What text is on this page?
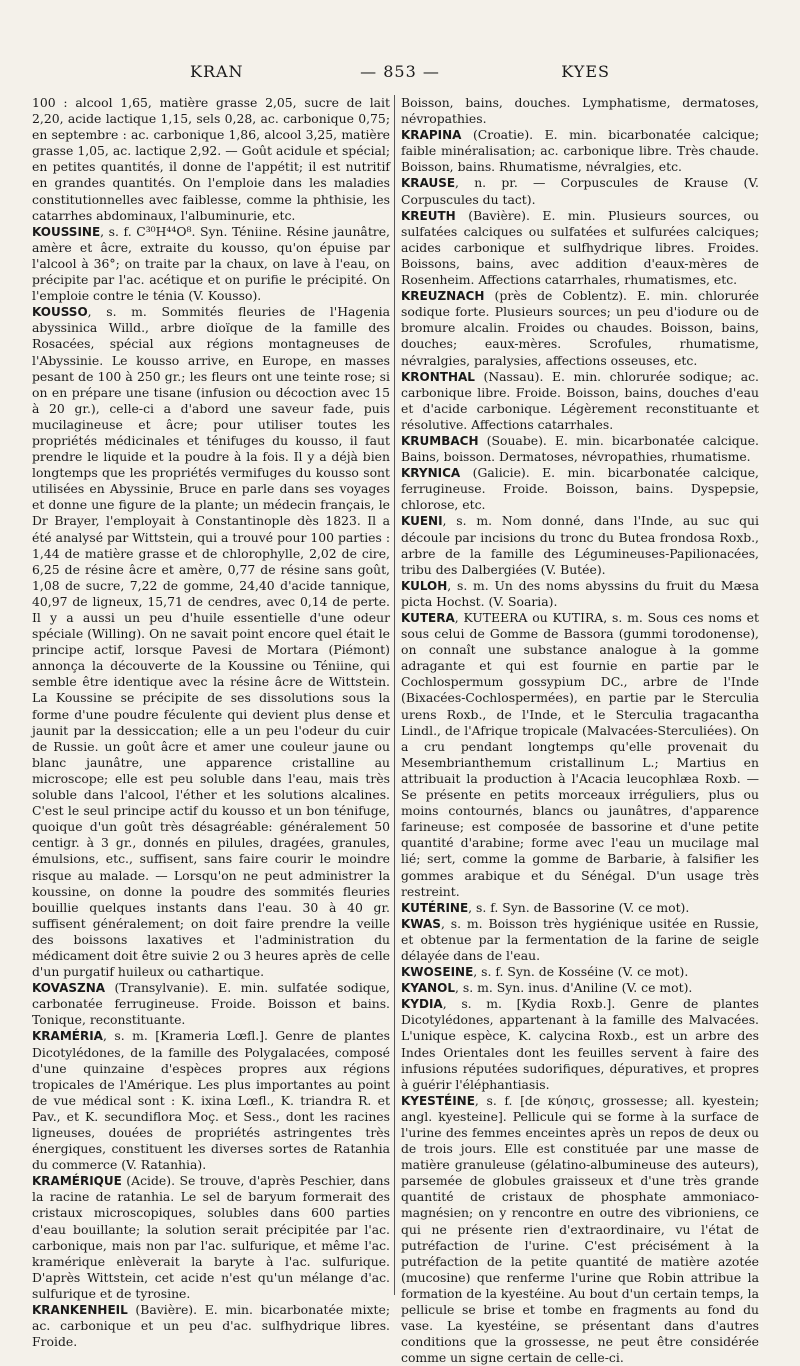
KRAN	— 853 —	KYES

100 : alcool 1,65, matière grasse 2,05, sucre de lait 2,20, acide lactique 1,15, sels 0,28, ac. carbonique 0,75; en septembre : ac. carbonique 1,86, alcool 3,25, matière grasse 1,05, ac. lactique 2,92. — Goût acidule et spécial; en petites quantités, il donne de l'appétit; il est nutritif en grandes quantités. On l'emploie dans les maladies constitutionnelles avec faiblesse, comme la phthisie, les catarrhes abdominaux, l'albuminurie, etc.

KOUSSINE, s. f. C³⁰H⁴⁴O⁸. Syn. Téniine. Résine jaunâtre, amère et âcre, extraite du kousso, qu'on épuise par l'alcool à 36°; on traite par la chaux, on lave à l'eau, on précipite par l'ac. acétique et on purifie le précipité. On l'emploie contre le ténia (V. Kousso).

KOUSSO, s. m. Sommités fleuries de l'Hagenia abyssinica Willd., arbre dioïque de la famille des Rosacées, spécial aux régions montagneuses de l'Abyssinie. Le kousso arrive, en Europe, en masses pesant de 100 à 250 gr.; les fleurs ont une teinte rose; si on en prépare une tisane (infusion ou décoction avec 15 à 20 gr.), celle-ci a d'abord une saveur fade, puis mucilagineuse et âcre; pour utiliser toutes les propriétés médicinales et ténifuges du kousso, il faut prendre le liquide et la poudre à la fois. Il y a déjà bien longtemps que les propriétés vermifuges du kousso sont utilisées en Abyssinie, Bruce en parle dans ses voyages et donne une figure de la plante; un médecin français, le Dr Brayer, l'employait à Constantinople dès 1823. Il a été analysé par Wittstein, qui a trouvé pour 100 parties : 1,44 de matière grasse et de chlorophylle, 2,02 de cire, 6,25 de résine âcre et amère, 0,77 de résine sans goût, 1,08 de sucre, 7,22 de gomme, 24,40 d'acide tannique, 40,97 de ligneux, 15,71 de cendres, avec 0,14 de perte. Il y a aussi un peu d'huile essentielle d'une odeur spéciale (Willing). On ne savait point encore quel était le principe actif, lorsque Pavesi de Mortara (Piémont) annonça la découverte de la Koussine ou Téniine, qui semble être identique avec la résine âcre de Wittstein. La Koussine se précipite de ses dissolutions sous la forme d'une poudre féculente qui devient plus dense et jaunit par la dessiccation; elle a un peu l'odeur du cuir de Russie. un goût âcre et amer une couleur jaune ou blanc jaunâtre, une apparence cristalline au microscope; elle est peu soluble dans l'eau, mais très soluble dans l'alcool, l'éther et les solutions alcalines. C'est le seul principe actif du kousso et un bon ténifuge, quoique d'un goût très désagréable: généralement 50 centigr. à 3 gr., donnés en pilules, dragées, granules, émulsions, etc., suffisent, sans faire courir le moindre risque au malade. — Lorsqu'on ne peut administrer la koussine, on donne la poudre des sommités fleuries bouillie quelques instants dans l'eau. 30 à 40 gr. suffisent généralement; on doit faire prendre la veille des boissons laxatives et l'administration du médicament doit être suivie 2 ou 3 heures après de celle d'un purgatif huileux ou cathartique.

KOVASZNA (Transylvanie). E. min. sulfatée sodique, carbonatée ferrugineuse. Froide. Boisson et bains. Tonique, reconstituante.

KRAMÉRIA, s. m. [Krameria Lœfl.]. Genre de plantes Dicotylédones, de la famille des Polygalacées, composé d'une quinzaine d'espèces propres aux régions tropicales de l'Amérique. Les plus importantes au point de vue médical sont : K. ixina Lœfl., K. triandra R. et Pav., et K. secundiflora Moç. et Sess., dont les racines ligneuses, douées de propriétés astringentes très énergiques, constituent les diverses sortes de Ratanhia du commerce (V. Ratanhia).

KRAMÉRIQUE (Acide). Se trouve, d'après Peschier, dans la racine de ratanhia. Le sel de baryum formerait des cristaux microscopiques, solubles dans 600 parties d'eau bouillante; la solution serait précipitée par l'ac. carbonique, mais non par l'ac. sulfurique, et même l'ac. kramérique enlèverait la baryte à l'ac. sulfurique. D'après Wittstein, cet acide n'est qu'un mélange d'ac. sulfurique et de tyrosine.

KRANKENHEIL (Bavière). E. min. bicarbonatée mixte; ac. carbonique et un peu d'ac. sulfhydrique libres. Froide.

Boisson, bains, douches. Lymphatisme, dermatoses, névropathies.

KRAPINA (Croatie). E. min. bicarbonatée calcique; faible minéralisation; ac. carbonique libre. Très chaude. Boisson, bains. Rhumatisme, névralgies, etc.

KRAUSE, n. pr. — Corpuscules de Krause (V. Corpuscules du tact).

KREUTH (Bavière). E. min. Plusieurs sources, ou sulfatées calciques ou sulfatées et sulfurées calciques; acides carbonique et sulfhydrique libres. Froides. Boissons, bains, avec addition d'eaux-mères de Rosenheim. Affections catarrhales, rhumatismes, etc.

KREUZNACH (près de Coblentz). E. min. chlorurée sodique forte. Plusieurs sources; un peu d'iodure ou de bromure alcalin. Froides ou chaudes. Boisson, bains, douches; eaux-mères. Scrofules, rhumatisme, névralgies, paralysies, affections osseuses, etc.

KRONTHAL (Nassau). E. min. chlorurée sodique; ac. carbonique libre. Froide. Boisson, bains, douches d'eau et d'acide carbonique. Légèrement reconstituante et résolutive. Affections catarrhales.

KRUMBACH (Souabe). E. min. bicarbonatée calcique. Bains, boisson. Dermatoses, névropathies, rhumatisme.

KRYNICA (Galicie). E. min. bicarbonatée calcique, ferrugineuse. Froide. Boisson, bains. Dyspepsie, chlorose, etc.

KUENI, s. m. Nom donné, dans l'Inde, au suc qui découle par incisions du tronc du Butea frondosa Roxb., arbre de la famille des Légumineuses-Papilionacées, tribu des Dalbergiées (V. Butée).

KULOH, s. m. Un des noms abyssins du fruit du Mæsa picta Hochst. (V. Soaria).

KUTERA, KUTEERA ou KUTIRA, s. m. Sous ces noms et sous celui de Gomme de Bassora (gummi torodonense), on connaît une substance analogue à la gomme adragante et qui est fournie en partie par le Cochlospermum gossypium DC., arbre de l'Inde (Bixacées-Cochlospermées), en partie par le Sterculia urens Roxb., de l'Inde, et le Sterculia tragacantha Lindl., de l'Afrique tropicale (Malvacées-Sterculiées). On a cru pendant longtemps qu'elle provenait du Mesembrianthemum cristallinum L.; Martius en attribuait la production à l'Acacia leucophlæa Roxb. — Se présente en petits morceaux irréguliers, plus ou moins contournés, blancs ou jaunâtres, d'apparence farineuse; est composée de bassorine et d'une petite quantité d'arabine; forme avec l'eau un mucilage mal lié; sert, comme la gomme de Barbarie, à falsifier les gommes arabique et du Sénégal. D'un usage très restreint.

KUTÉRINE, s. f. Syn. de Bassorine (V. ce mot).

KWAS, s. m. Boisson très hygiénique usitée en Russie, et obtenue par la fermentation de la farine de seigle délayée dans de l'eau.

KWOSEINE, s. f. Syn. de Kosséine (V. ce mot).

KYANOL, s. m. Syn. inus. d'Aniline (V. ce mot).

KYDIA, s. m. [Kydia Roxb.]. Genre de plantes Dicotylédones, appartenant à la famille des Malvacées. L'unique espèce, K. calycina Roxb., est un arbre des Indes Orientales dont les feuilles servent à faire des infusions réputées sudorifiques, dépuratives, et propres à guérir l'éléphantiasis.

KYESTÉINE, s. f. [de κύησις, grossesse; all. kyestein; angl. kyesteine]. Pellicule qui se forme à la surface de l'urine des femmes enceintes après un repos de deux ou de trois jours. Elle est constituée par une masse de matière granuleuse (gélatino-albumineuse des auteurs), parsemée de globules graisseux et d'une très grande quantité de cristaux de phosphate ammoniaco-magnésien; on y rencontre en outre des vibrioniens, ce qui ne présente rien d'extraordinaire, vu l'état de putréfaction de l'urine. C'est précisément à la putréfaction de la petite quantité de matière azotée (mucosine) que renferme l'urine que Robin attribue la formation de la kyestéine. Au bout d'un certain temps, la pellicule se brise et tombe en fragments au fond du vase. La kyestéine, se présentant dans d'autres conditions que la grossesse, ne peut être considérée comme un signe certain de celle-ci.
